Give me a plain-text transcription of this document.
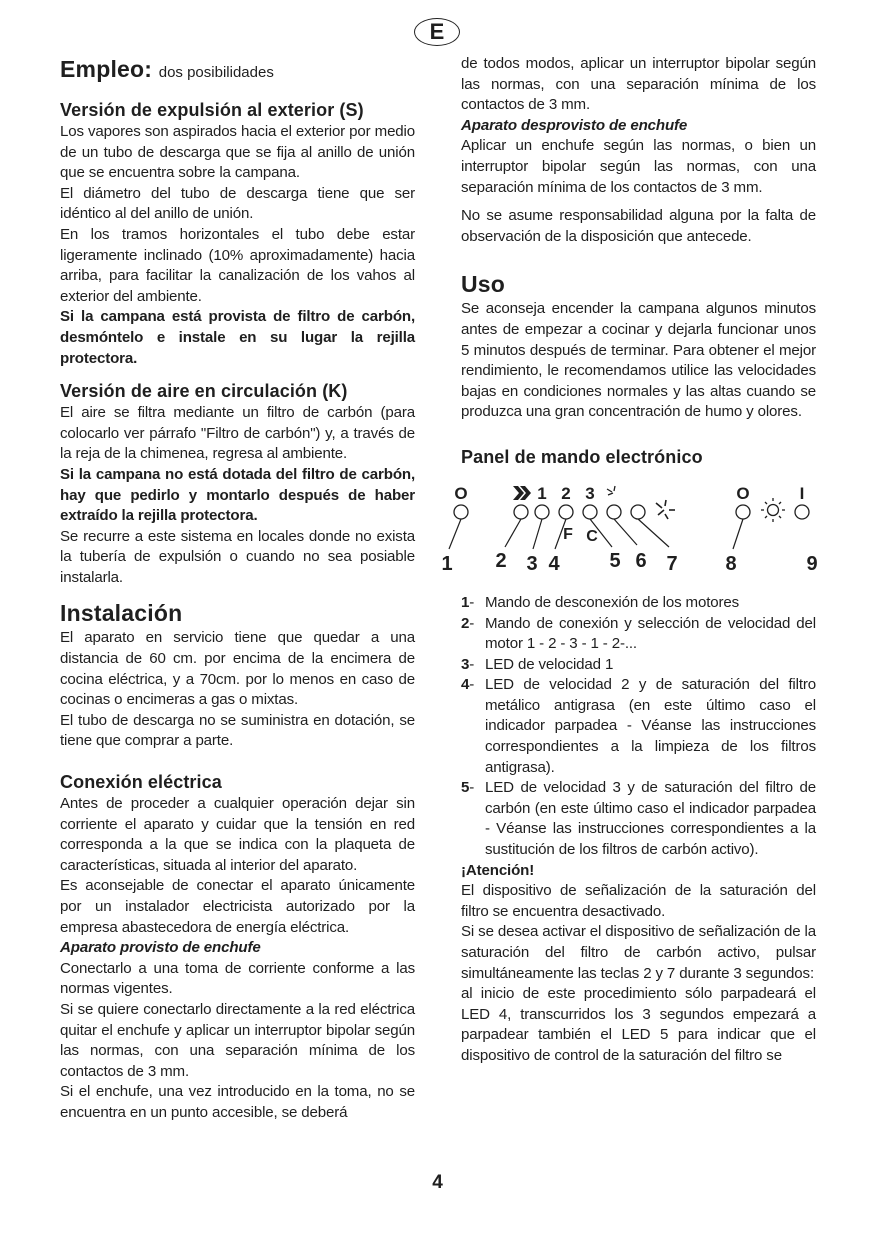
E
Empleo: dos posibilidades
Versión de expulsión al exterior (S)

Los vapores son aspirados hacia el exterior por medio de un tubo de descarga que se fija al anillo de unión que se encuentra sobre la campana.

El diámetro del tubo de descarga tiene que ser idéntico al del anillo de unión.

En los tramos horizontales el tubo debe estar ligeramente inclinado (10% aproximadamente) hacia arriba, para facilitar la canalización de los vahos al exterior del ambiente.

Si la campana está provista de filtro de carbón, desmóntelo e instale en su lugar la rejilla protectora.

Versión de aire en circulación (K)

El aire se filtra mediante un filtro de carbón (para colocarlo ver párrafo "Filtro de carbón") y, a través de la reja de la chimenea, regresa al ambiente.

Si la campana no está dotada del filtro de carbón, hay que pedirlo y montarlo después de haber extraído la rejilla protectora.

Se recurre a este sistema en locales donde no exista la tubería de expulsión o cuando no sea posiable instalarla.

Instalación

El aparato en servicio tiene que quedar a una distancia de 60 cm. por encima de la encimera de cocina eléctrica, y a 70cm. por lo menos en caso de cocinas o encimeras a gas o mixtas.

El tubo de descarga no se suministra en dotación, se tiene que comprar a parte.

Conexión eléctrica

Antes de proceder a cualquier operación dejar sin corriente el aparato y cuidar que la tensión en red corresponda a la que se indica con la plaqueta de características, situada al interior del aparato.

Es aconsejable de conectar el aparato únicamente por un instalador electricista autorizado por la empresa abastecedora de energía eléctrica.

Aparato provisto de enchufe

Conectarlo a una toma de corriente conforme a las normas vigentes.

Si se quiere conectarlo directamente a la red eléctrica quitar el enchufe y aplicar un interruptor bipolar según las normas, con una separación mínima de los contactos de 3 mm.

Si el enchufe, una vez introducido en la toma, no se encuentra en un punto accesible, se deberá

de todos modos, aplicar un interruptor bipolar según las normas, con una separación mínima de los contactos de 3 mm.

Aparato desprovisto de enchufe

Aplicar un enchufe según las normas, o bien un interruptor bipolar según las normas, con una separación mínima de los contactos de 3 mm.

No se asume responsabilidad alguna por la falta de observación de la disposición que antecede.

Uso

Se aconseja encender la campana algunos minutos antes de empezar a cocinar y dejarla funcionar unos 5 minutos después de terminar. Para obtener el mejor rendimiento, le recomendamos utilice las velocidades bajas en condiciones normales y las altas cuando se produzca una gran concentración de humo y olores.

Panel de mando electrónico
O	1 2 3	O	I
F C
1 2 3 4 5 6 7 8	9
1- Mando de desconexión de los motores
2- Mando de conexión y selección de velocidad del motor 1 - 2 - 3 - 1 - 2-...
3- LED de velocidad 1
4- LED de velocidad 2 y de saturación del filtro metálico antigrasa (en este último caso el indicador parpadea - Véanse las instrucciones correspondientes a la limpieza de los filtros antigrasa).
5- LED de velocidad 3 y de saturación del filtro de carbón (en este último caso el indicador parpadea - Véanse las instrucciones correspondientes a la sustitución de los filtros de carbón activo).

¡Atención!

El dispositivo de señalización de la saturación del filtro se encuentra desactivado.

Si se desea activar el dispositivo de señalización de la saturación del filtro de carbón activo, pulsar simultáneamente las teclas 2 y 7 durante 3 segundos:

al inicio de este procedimiento sólo parpadeará el LED 4, transcurridos los 3 segundos empezará a parpadear también el LED 5 para indicar que el dispositivo de control de la saturación del filtro se

4
